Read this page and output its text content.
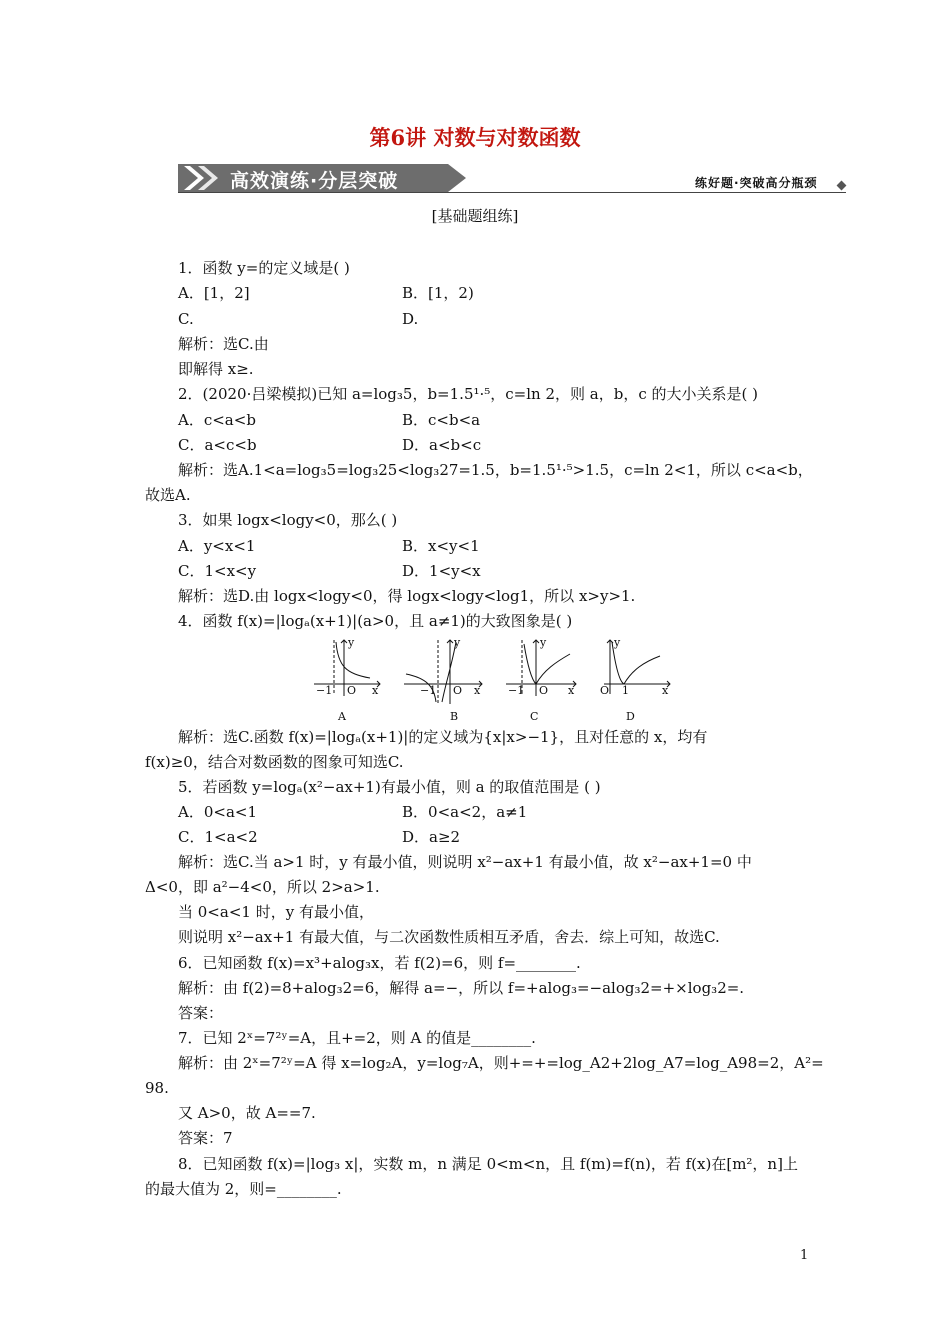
第6讲 对数与对数函数
高效演练·分层突破	练好题·突破高分瓶颈
[基础题组练]
1．函数 y=的定义域是( )
A．[1，2]	B．[1，2)
C.	D.
解析：选C.由
即解得 x≥.
2．(2020·吕梁模拟)已知 a=log₃5，b=1.5¹·⁵，c=ln 2，则 a，b，c 的大小关系是( )
A．c<a<b	B．c<b<a
C．a<c<b	D．a<b<c
解析：选A.1<a=log₃5=log₃25<log₃27=1.5，b=1.5¹·⁵>1.5，c=ln 2<1，所以 c<a<b，
故选A.
3．如果 logx<logy<0，那么( )
A．y<x<1	B．x<y<1
C．1<x<y	D．1<y<x
解析：选D.由 logx<logy<0，得 logx<logy<log1，所以 x>y>1.
4．函数 f(x)=|logₐ(x+1)|(a>0，且 a≠1)的大致图象是( )
−1 O x
y
A
−1 O x
y
B
−1 O x
y
C
O 1	x
y
D
解析：选C.函数 f(x)=|logₐ(x+1)|的定义域为{x|x>−1}，且对任意的 x，均有
f(x)≥0，结合对数函数的图象可知选C.
5．若函数 y=logₐ(x²−ax+1)有最小值，则 a 的取值范围是 ( )
A．0<a<1	B．0<a<2，a≠1
C．1<a<2	D．a≥2
解析：选C.当 a>1 时，y 有最小值，则说明 x²−ax+1 有最小值，故 x²−ax+1=0 中
Δ<0，即 a²−4<0，所以 2>a>1.
当 0<a<1 时，y 有最小值，
则说明 x²−ax+1 有最大值，与二次函数性质相互矛盾，舍去．综上可知，故选C.
6．已知函数 f(x)=x³+alog₃x，若 f(2)=6，则 f=________.
解析：由 f(2)=8+alog₃2=6，解得 a=−，所以 f=+alog₃=−alog₃2=+×log₃2=.
答案：
7．已知 2ˣ=7²ʸ=A，且+=2，则 A 的值是________.
解析：由 2ˣ=7²ʸ=A 得 x=log₂A，y=log₇A，则+=+=log_A2+2log_A7=log_A98=2，A²=
98.
又 A>0，故 A==7.
答案：7
8．已知函数 f(x)=|log₃ x|，实数 m，n 满足 0<m<n，且 f(m)=f(n)，若 f(x)在[m²，n]上
的最大值为 2，则=________.
1
